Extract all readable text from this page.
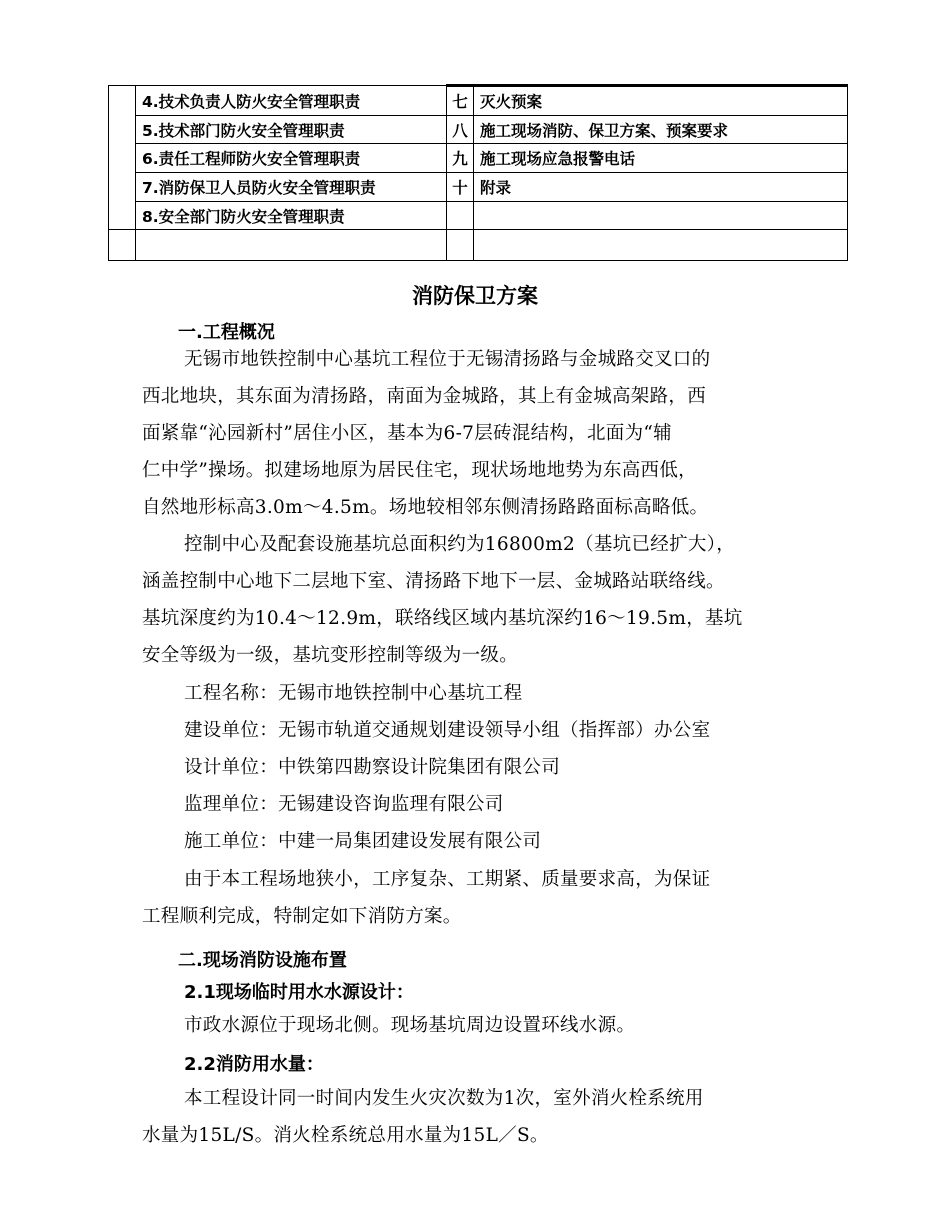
	4.技术负责人防火安全管理职责	七	灭火预案
	5.技术部门防火安全管理职责	八	施工现场消防、保卫方案、预案要求
	6.责任工程师防火安全管理职责	九	施工现场应急报警电话
	7.消防保卫人员防火安全管理职责	十	附录
	8.安全部门防火安全管理职责		

消防保卫方案
一.工程概况
无锡市地铁控制中心基坑工程位于无锡清扬路与金城路交叉口的
西北地块，其东面为清扬路，南面为金城路，其上有金城高架路，西
面紧靠“沁园新村”居住小区，基本为6-7层砖混结构，北面为“辅
仁中学”操场。拟建场地原为居民住宅，现状场地地势为东高西低，
自然地形标高3.0m～4.5m。场地较相邻东侧清扬路路面标高略低。
控制中心及配套设施基坑总面积约为16800m2（基坑已经扩大），
涵盖控制中心地下二层地下室、清扬路下地下一层、金城路站联络线。
基坑深度约为10.4～12.9m，联络线区域内基坑深约16～19.5m，基坑
安全等级为一级，基坑变形控制等级为一级。
工程名称：无锡市地铁控制中心基坑工程
建设单位：无锡市轨道交通规划建设领导小组（指挥部）办公室
设计单位：中铁第四勘察设计院集团有限公司
监理单位：无锡建设咨询监理有限公司
施工单位：中建一局集团建设发展有限公司
由于本工程场地狭小，工序复杂、工期紧、质量要求高，为保证
工程顺利完成，特制定如下消防方案。
二.现场消防设施布置
2.1现场临时用水水源设计：
市政水源位于现场北侧。现场基坑周边设置环线水源。
2.2消防用水量：
本工程设计同一时间内发生火灾次数为1次，室外消火栓系统用
水量为15L/S。消火栓系统总用水量为15L／S。
